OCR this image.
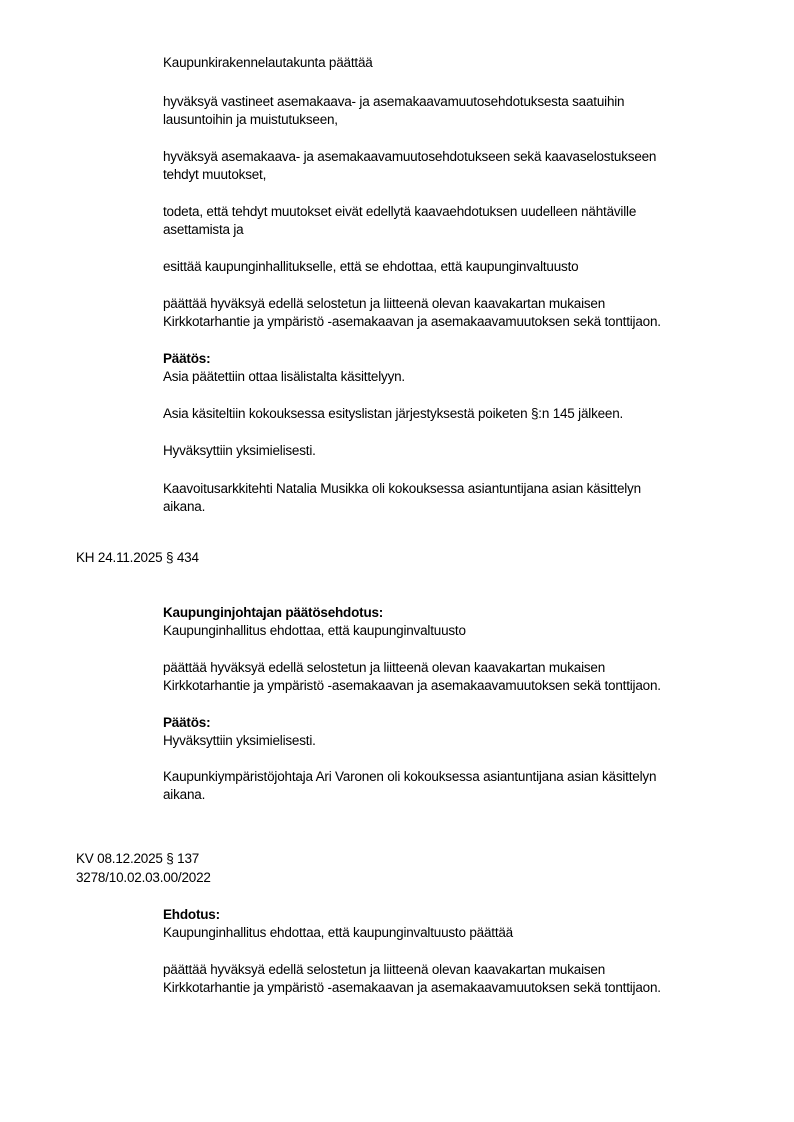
Kaupunkirakennelautakunta päättää
hyväksyä vastineet asemakaava- ja asemakaavamuutosehdotuksesta saatuihin
lausuntoihin ja muistutukseen,
hyväksyä asemakaava- ja asemakaavamuutosehdotukseen sekä kaavaselostukseen
tehdyt muutokset,
todeta, että tehdyt muutokset eivät edellytä kaavaehdotuksen uudelleen nähtäville
asettamista ja
esittää kaupunginhallitukselle, että se ehdottaa, että kaupunginvaltuusto
päättää hyväksyä edellä selostetun ja liitteenä olevan kaavakartan mukaisen
Kirkkotarhantie ja ympäristö -asemakaavan ja asemakaavamuutoksen sekä tonttijaon.
Päätös:
Asia päätettiin ottaa lisälistalta käsittelyyn.
Asia käsiteltiin kokouksessa esityslistan järjestyksestä poiketen §:n 145 jälkeen.
Hyväksyttiin yksimielisesti.
Kaavoitusarkkitehti Natalia Musikka oli kokouksessa asiantuntijana asian käsittelyn
aikana.
KH 24.11.2025 § 434
Kaupunginjohtajan päätösehdotus:
Kaupunginhallitus ehdottaa, että kaupunginvaltuusto
päättää hyväksyä edellä selostetun ja liitteenä olevan kaavakartan mukaisen
Kirkkotarhantie ja ympäristö -asemakaavan ja asemakaavamuutoksen sekä tonttijaon.
Päätös:
Hyväksyttiin yksimielisesti.
Kaupunkiympäristöjohtaja Ari Varonen oli kokouksessa asiantuntijana asian käsittelyn
aikana.
KV 08.12.2025 § 137
3278/10.02.03.00/2022
Ehdotus:
Kaupunginhallitus ehdottaa, että kaupunginvaltuusto päättää
päättää hyväksyä edellä selostetun ja liitteenä olevan kaavakartan mukaisen
Kirkkotarhantie ja ympäristö -asemakaavan ja asemakaavamuutoksen sekä tonttijaon.
